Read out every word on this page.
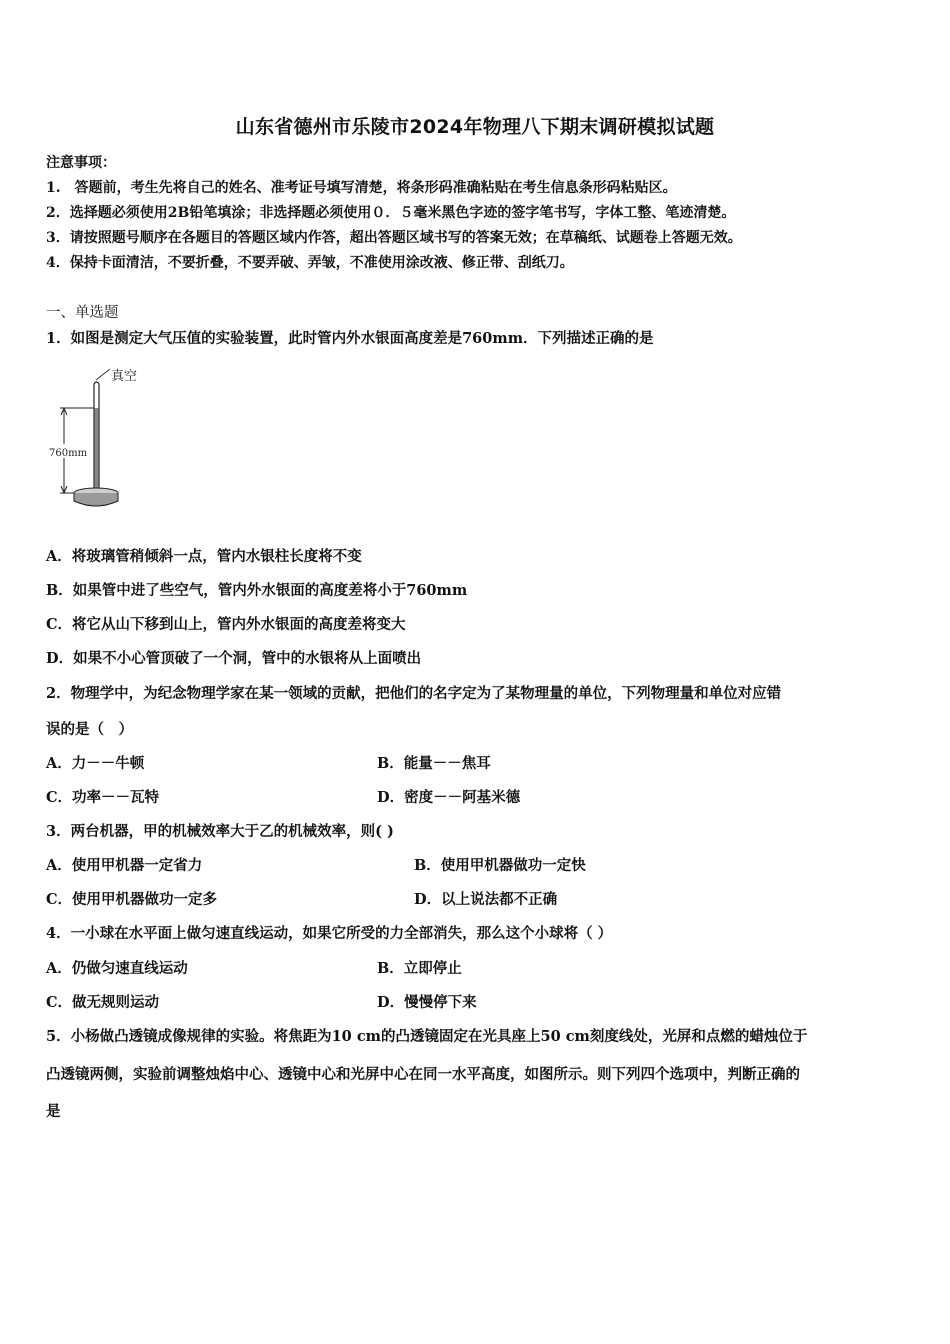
山东省德州市乐陵市2024年物理八下期末调研模拟试题
注意事项：
1.　答题前，考生先将自己的姓名、准考证号填写清楚，将条形码准确粘贴在考生信息条形码粘贴区。
2．选择题必须使用2B铅笔填涂；非选择题必须使用０．５毫米黑色字迹的签字笔书写，字体工整、笔迹清楚。
3．请按照题号顺序在各题目的答题区域内作答，超出答题区域书写的答案无效；在草稿纸、试题卷上答题无效。
4．保持卡面清洁，不要折叠，不要弄破、弄皱，不准使用涂改液、修正带、刮纸刀。
一、单选题
1．如图是测定大气压值的实验装置，此时管内外水银面高度差是760mm．下列描述正确的是
真空
760mm
A．将玻璃管稍倾斜一点，管内水银柱长度将不变
B．如果管中进了些空气，管内外水银面的高度差将小于760mm
C．将它从山下移到山上，管内外水银面的高度差将变大
D．如果不小心管顶破了一个洞，管中的水银将从上面喷出
2．物理学中，为纪念物理学家在某一领域的贡献，把他们的名字定为了某物理量的单位，下列物理量和单位对应错
误的是（　）
A．力－－牛顿	B．能量－－焦耳
C．功率－－瓦特	D．密度－－阿基米德
3．两台机器，甲的机械效率大于乙的机械效率，则( )
A．使用甲机器一定省力	B．使用甲机器做功一定快
C．使用甲机器做功一定多	D．以上说法都不正确
4．一小球在水平面上做匀速直线运动，如果它所受的力全部消失，那么这个小球将（ ）
A．仍做匀速直线运动	B．立即停止
C．做无规则运动	D．慢慢停下来
5．小杨做凸透镜成像规律的实验。将焦距为10 cm的凸透镜固定在光具座上50 cm刻度线处，光屏和点燃的蜡烛位于
凸透镜两侧，实验前调整烛焰中心、透镜中心和光屏中心在同一水平高度，如图所示。则下列四个选项中，判断正确的
是
